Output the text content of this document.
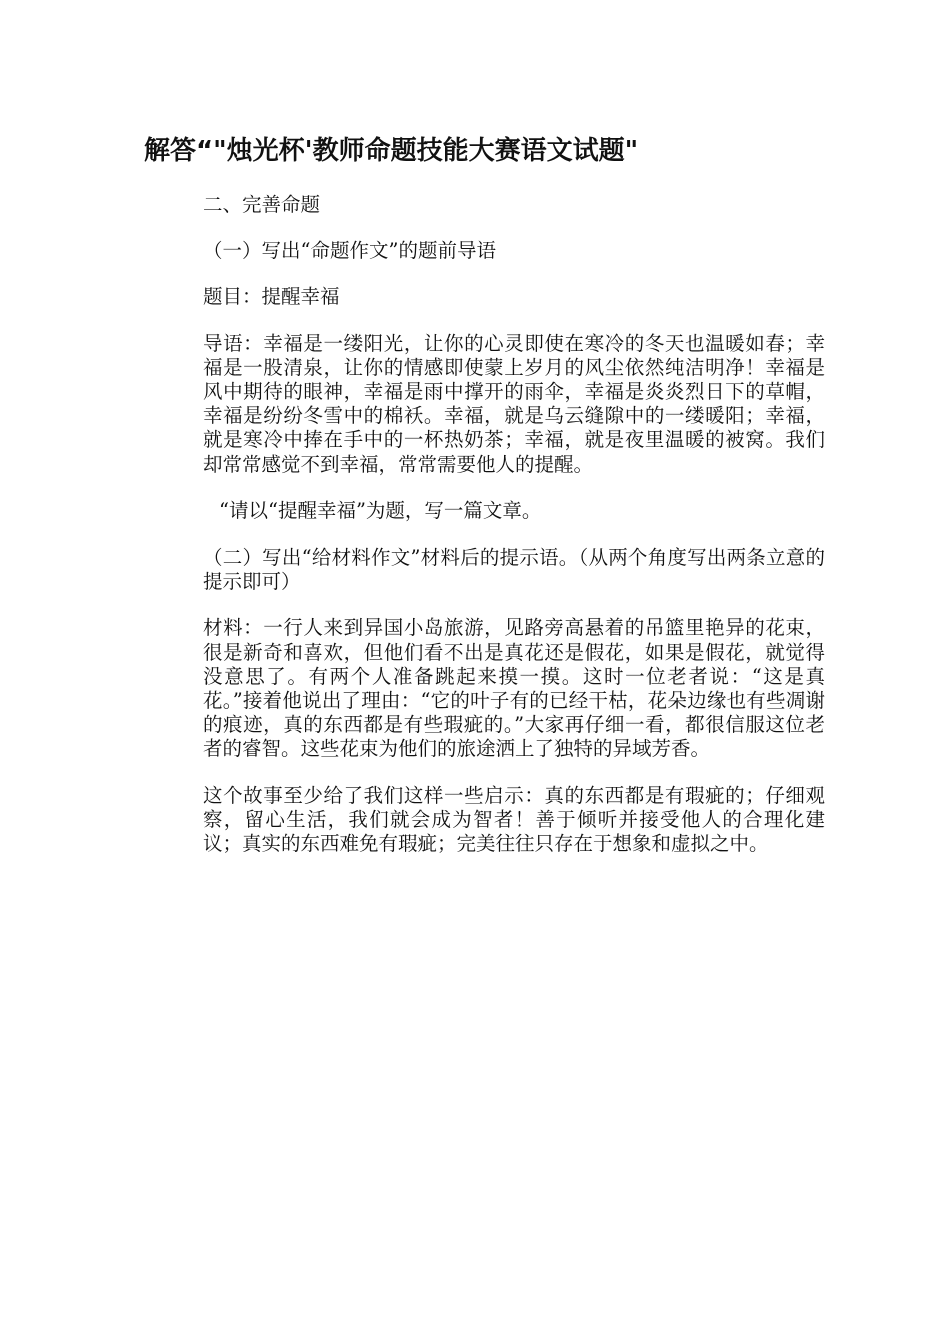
解答“"烛光杯'教师命题技能大赛语文试题"

二、完善命题

（一）写出“命题作文”的题前导语

题目：提醒幸福

导语：幸福是一缕阳光，让你的心灵即使在寒冷的冬天也温暖如春；幸福是一股清泉，让你的情感即使蒙上岁月的风尘依然纯洁明净！幸福是风中期待的眼神，幸福是雨中撑开的雨伞，幸福是炎炎烈日下的草帽，幸福是纷纷冬雪中的棉袄。幸福，就是乌云缝隙中的一缕暖阳；幸福，就是寒冷中捧在手中的一杯热奶茶；幸福，就是夜里温暖的被窝。我们却常常感觉不到幸福，常常需要他人的提醒。

“请以“提醒幸福”为题，写一篇文章。

（二）写出“给材料作文”材料后的提示语。（从两个角度写出两条立意的提示即可）

材料：一行人来到异国小岛旅游，见路旁高悬着的吊篮里艳异的花束，很是新奇和喜欢，但他们看不出是真花还是假花，如果是假花，就觉得没意思了。有两个人准备跳起来摸一摸。这时一位老者说：“这是真花。”接着他说出了理由：“它的叶子有的已经干枯，花朵边缘也有些凋谢的痕迹，真的东西都是有些瑕疵的。”大家再仔细一看，都很信服这位老者的睿智。这些花束为他们的旅途洒上了独特的异域芳香。

这个故事至少给了我们这样一些启示：真的东西都是有瑕疵的；仔细观察，留心生活，我们就会成为智者！善于倾听并接受他人的合理化建议；真实的东西难免有瑕疵；完美往往只存在于想象和虚拟之中。
